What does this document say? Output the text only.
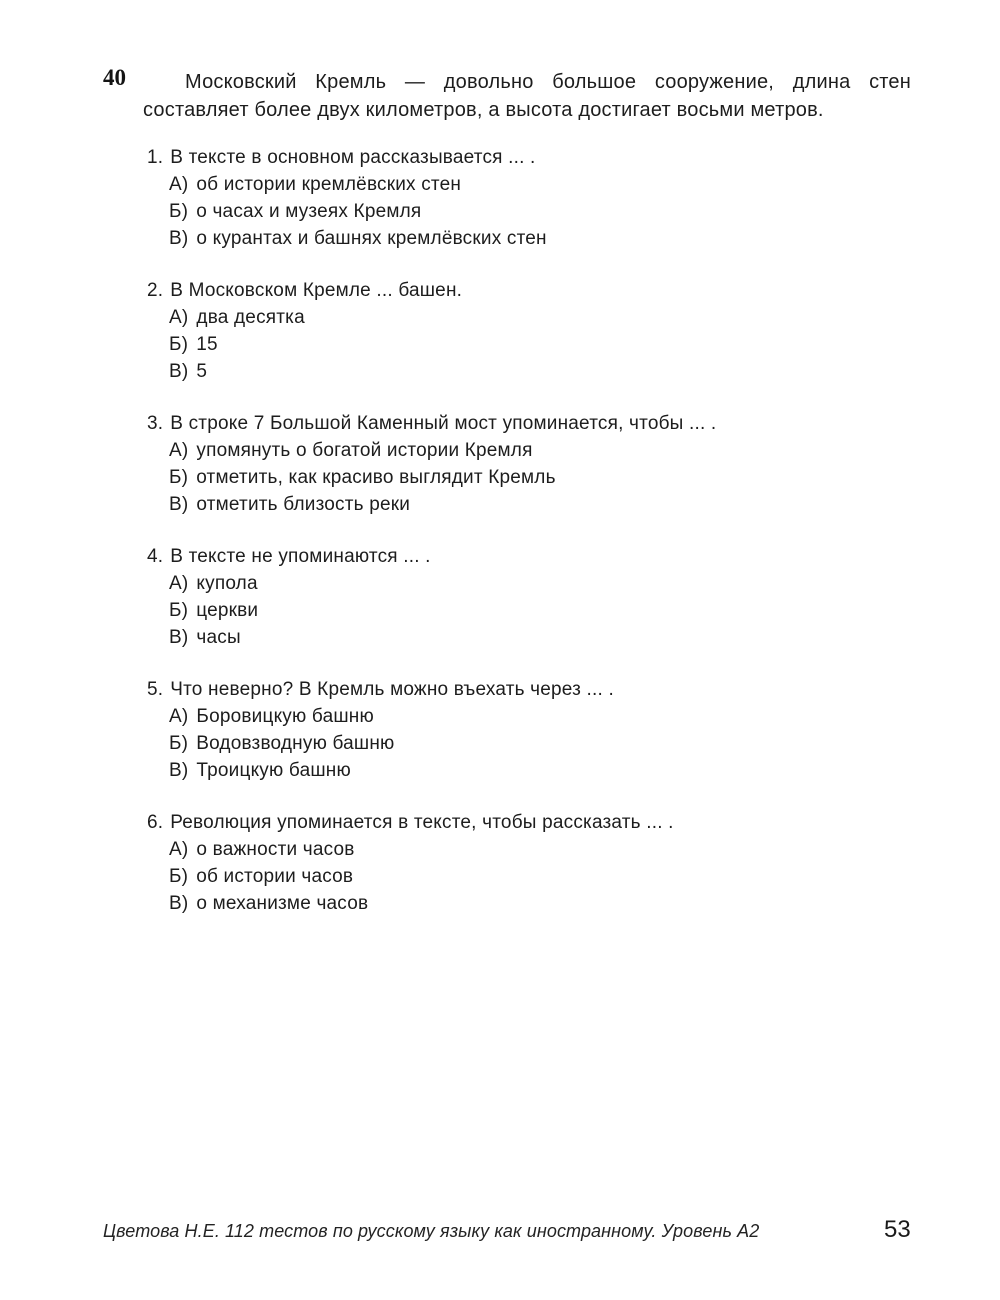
40	Московский Кремль — довольно большое сооружение, длина стен
составляет более двух километров, а высота достигает восьми метров.
1. В тексте в основном рассказывается ... .
А) об истории кремлёвских стен
Б) о часах и музеях Кремля
В) о курантах и башнях кремлёвских стен
2. В Московском Кремле ... башен.
А) два десятка
Б) 15
В) 5
3. В строке 7 Большой Каменный мост упоминается, чтобы ... .
А) упомянуть о богатой истории Кремля
Б) отметить, как красиво выглядит Кремль
В) отметить близость реки
4. В тексте не упоминаются ... .
А) купола
Б) церкви
В) часы
5. Что неверно? В Кремль можно въехать через ... .
А) Боровицкую башню
Б) Водовзводную башню
В) Троицкую башню
6. Революция упоминается в тексте, чтобы рассказать ... .
А) о важности часов
Б) об истории часов
В) о механизме часов
Цветова Н.Е. 112 тестов по русскому языку как иностранному. Уровень А2	53
